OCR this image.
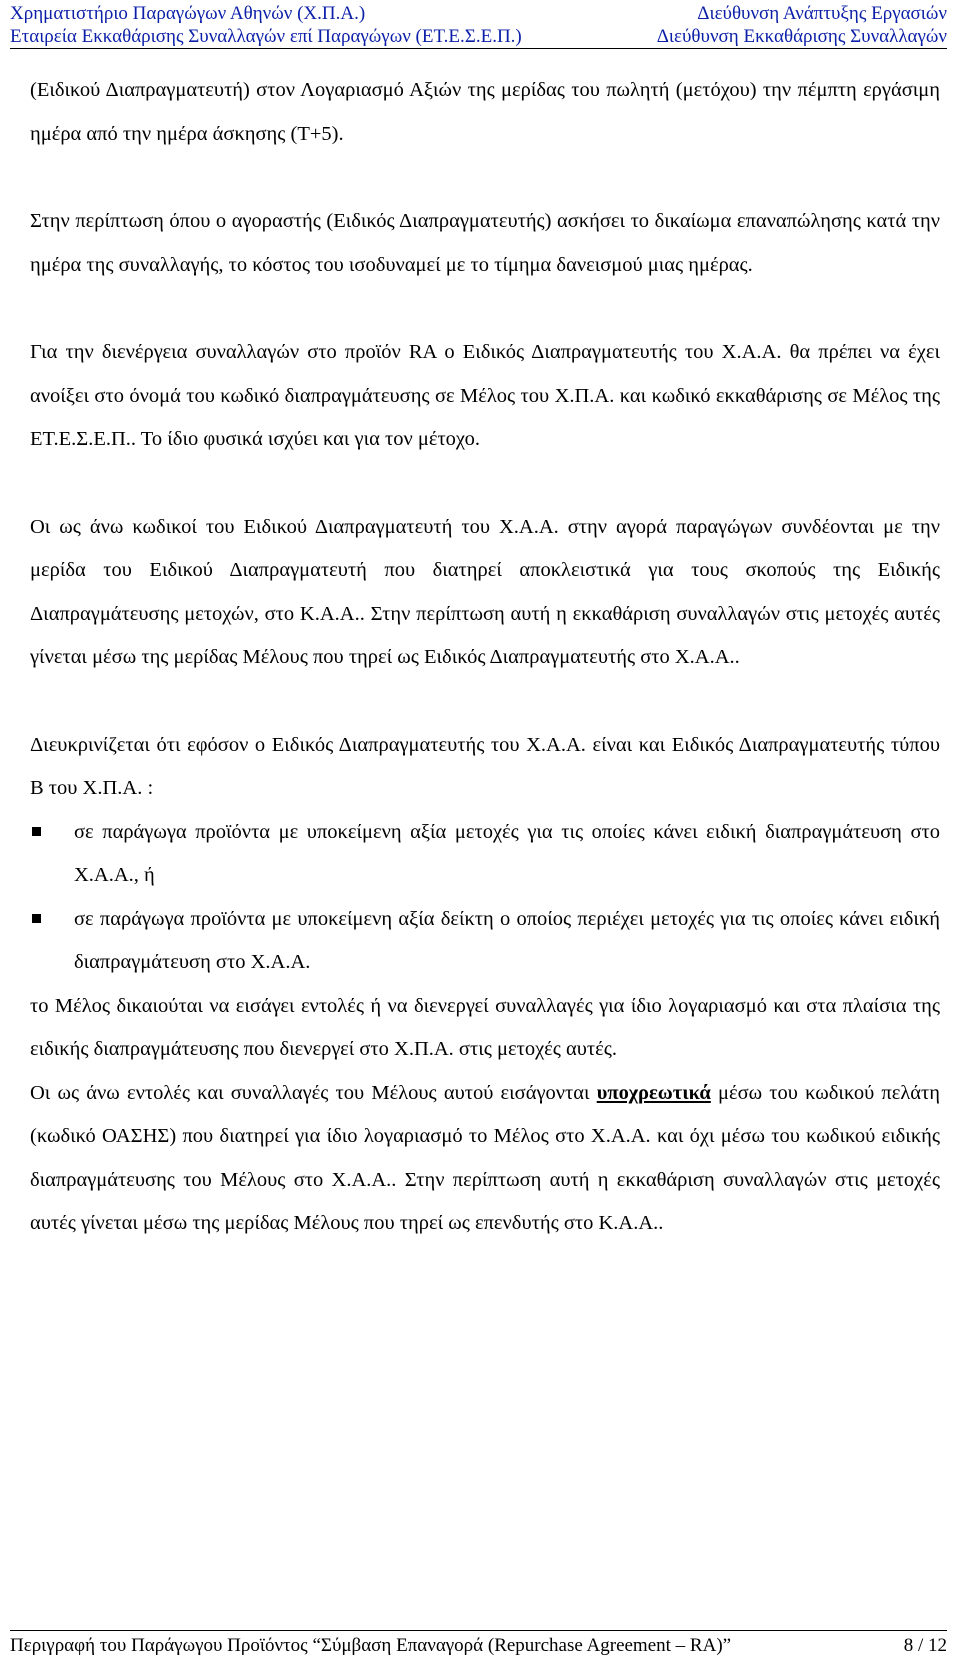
Χρηματιστήριο Παραγώγων Αθηνών (Χ.Π.Α.)	Διεύθυνση Ανάπτυξης Εργασιών
Εταιρεία Εκκαθάρισης Συναλλαγών επί Παραγώγων (ΕΤ.Ε.Σ.Ε.Π.)	Διεύθυνση Εκκαθάρισης Συναλλαγών

(Ειδικού Διαπραγματευτή) στον Λογαριασμό Αξιών της μερίδας του πωλητή (μετόχου) την πέμπτη εργάσιμη ημέρα από την ημέρα άσκησης (Τ+5).

Στην περίπτωση όπου ο αγοραστής (Ειδικός Διαπραγματευτής) ασκήσει το δικαίωμα επαναπώλησης κατά την ημέρα της συναλλαγής, το κόστος του ισοδυναμεί με το τίμημα δανεισμού μιας ημέρας.

Για την διενέργεια συναλλαγών στο προϊόν RA ο Ειδικός Διαπραγματευτής του Χ.Α.Α. θα πρέπει να έχει ανοίξει στο όνομά του κωδικό διαπραγμάτευσης σε Μέλος του Χ.Π.Α. και κωδικό εκκαθάρισης σε Μέλος της ΕΤ.Ε.Σ.Ε.Π.. Το ίδιο φυσικά ισχύει και για τον μέτοχο.

Οι ως άνω κωδικοί του Ειδικού Διαπραγματευτή του Χ.Α.Α. στην αγορά παραγώγων συνδέονται με την μερίδα του Ειδικού Διαπραγματευτή που διατηρεί αποκλειστικά για τους σκοπούς της Ειδικής Διαπραγμάτευσης μετοχών, στο Κ.Α.Α.. Στην περίπτωση αυτή η εκκαθάριση συναλλαγών στις μετοχές αυτές γίνεται μέσω της μερίδας Μέλους που τηρεί ως Ειδικός Διαπραγματευτής στο Χ.Α.Α..

Διευκρινίζεται ότι εφόσον ο Ειδικός Διαπραγματευτής του Χ.Α.Α. είναι και Ειδικός Διαπραγματευτής τύπου Β του Χ.Π.Α. :

σε παράγωγα προϊόντα με υποκείμενη αξία μετοχές για τις οποίες κάνει ειδική διαπραγμάτευση στο Χ.Α.Α., ή
σε παράγωγα προϊόντα με υποκείμενη αξία δείκτη ο οποίος περιέχει μετοχές για τις οποίες κάνει ειδική διαπραγμάτευση στο Χ.Α.Α.

το Μέλος δικαιούται να εισάγει εντολές ή να διενεργεί συναλλαγές για ίδιο λογαριασμό και στα πλαίσια της ειδικής διαπραγμάτευσης που διενεργεί στο Χ.Π.Α. στις μετοχές αυτές.

Οι ως άνω εντολές και συναλλαγές του Μέλους αυτού εισάγονται υποχρεωτικά μέσω του κωδικού πελάτη (κωδικό ΟΑΣΗΣ) που διατηρεί για ίδιο λογαριασμό το Μέλος στο Χ.Α.Α. και όχι μέσω του κωδικού ειδικής διαπραγμάτευσης του Μέλους στο Χ.Α.Α.. Στην περίπτωση αυτή η εκκαθάριση συναλλαγών στις μετοχές αυτές γίνεται μέσω της μερίδας Μέλους που τηρεί ως επενδυτής στο Κ.Α.Α..

Περιγραφή του Παράγωγου Προϊόντος “Σύμβαση Επαναγορά (Repurchase Agreement – RA)”	8 / 12
